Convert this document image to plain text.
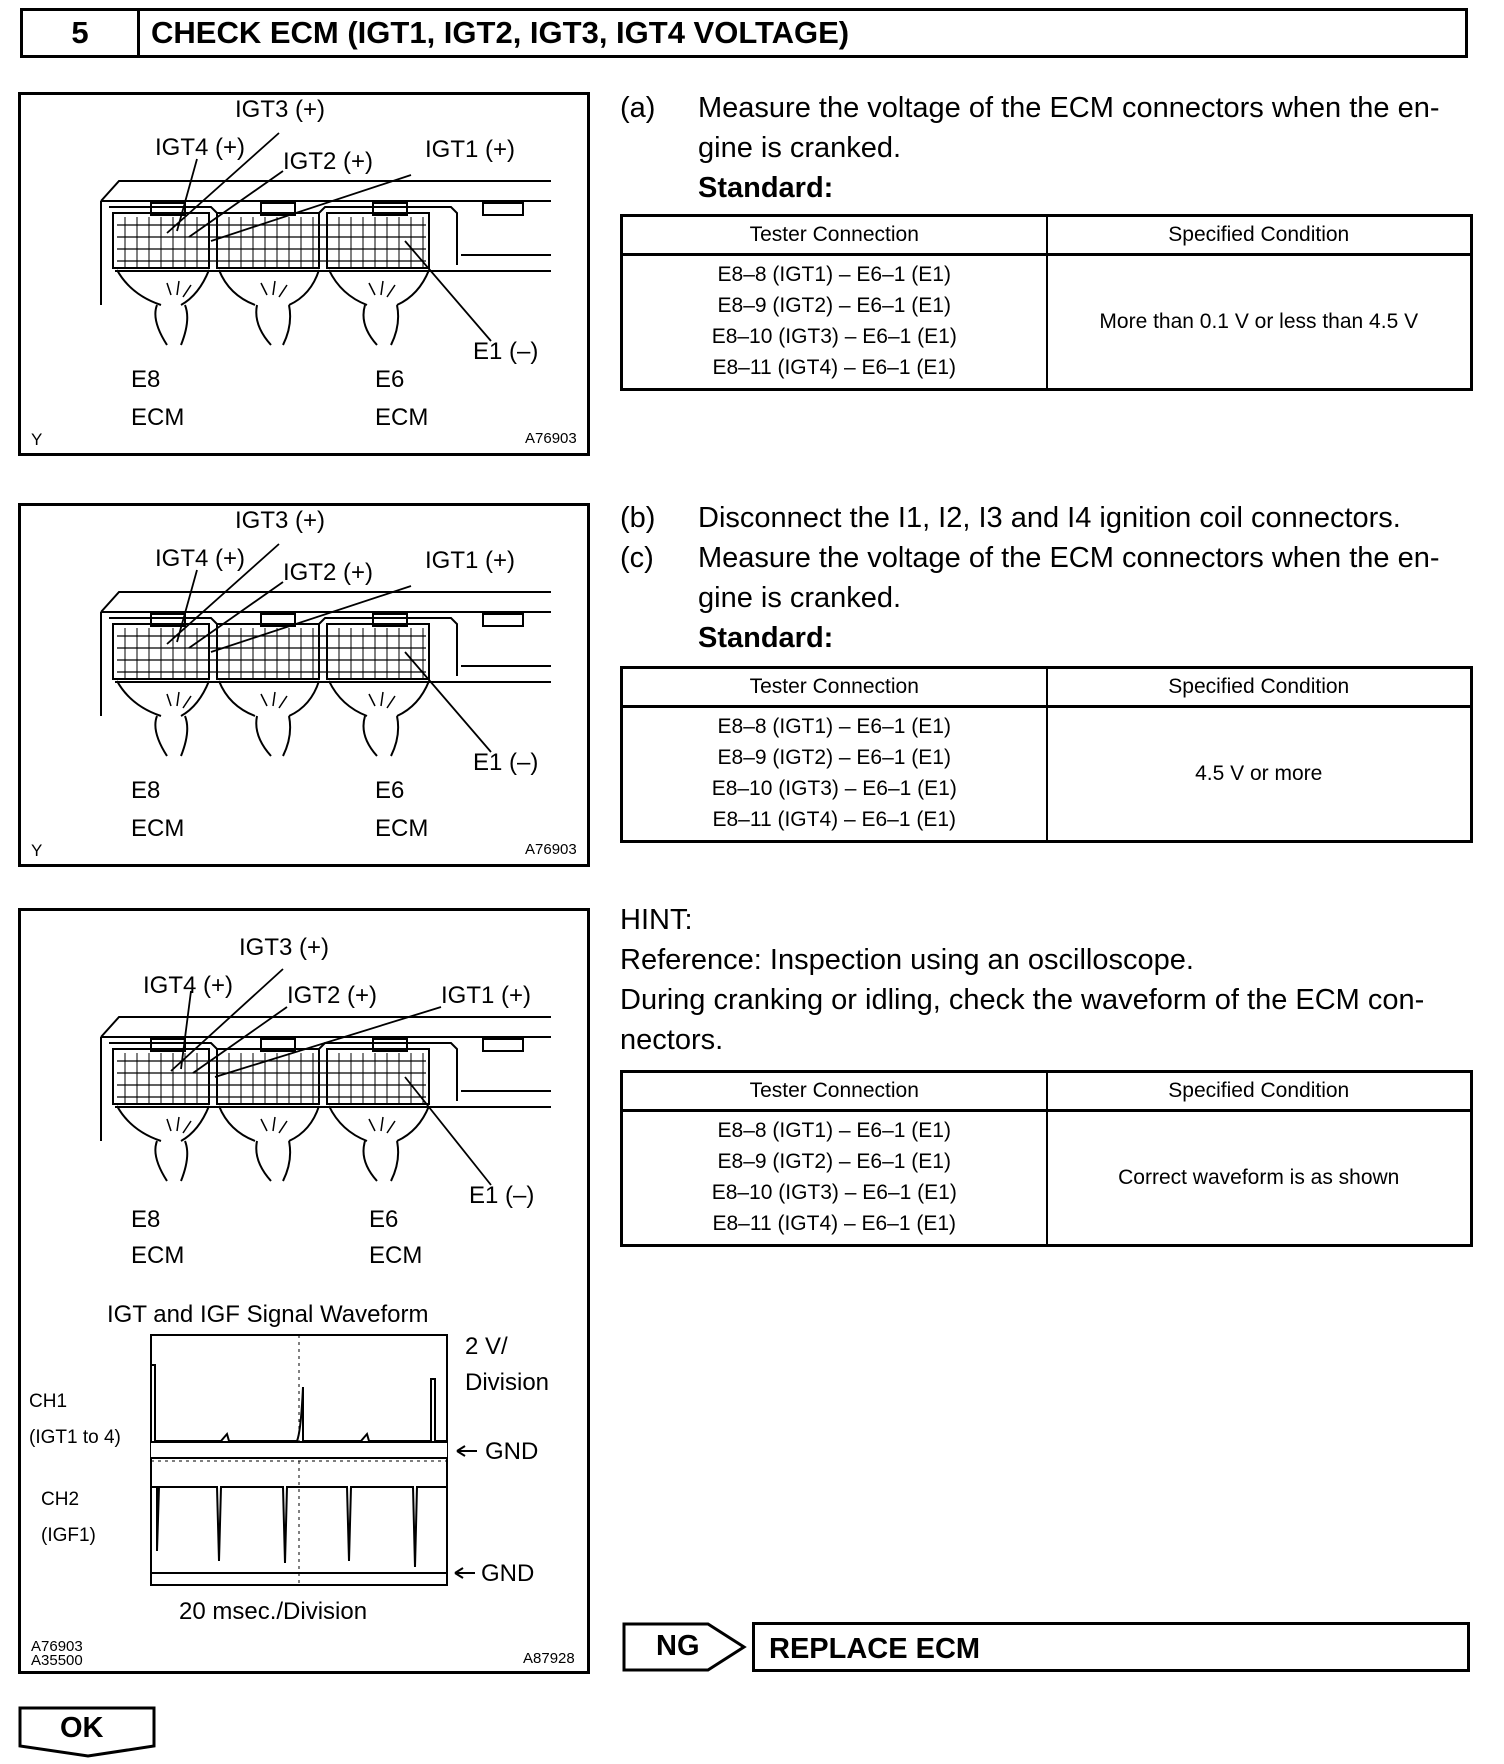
5	CHECK ECM (IGT1, IGT2, IGT3, IGT4 VOLTAGE)
IGT3 (+)
IGT4 (+)
IGT2 (+) IGT1 (+)
E1 (–)
E8	E6
ECM	ECM
Y	A76903
(a) Measure the voltage of the ECM connectors when the en-
gine is cranked.
Standard:
Tester Connection	Specified Condition

E8–8 (IGT1) – E6–1 (E1)
E8–9 (IGT2) – E6–1 (E1)
E8–10 (IGT3) – E6–1 (E1)
E8–11 (IGT4) – E6–1 (E1)	More than 0.1 V or less than 4.5 V
IGT3 (+)
IGT4 (+)
IGT2 (+) IGT1 (+)
E1 (–)
E8	E6
ECM	ECM
Y	A76903
(b) Disconnect the I1, I2, I3 and I4 ignition coil connectors.
(c) Measure the voltage of the ECM connectors when the en-
gine is cranked.
Standard:
Tester Connection	Specified Condition

E8–8 (IGT1) – E6–1 (E1)
E8–9 (IGT2) – E6–1 (E1)
E8–10 (IGT3) – E6–1 (E1)
E8–11 (IGT4) – E6–1 (E1)	4.5 V or more
IGT3 (+)
IGT4 (+) IGT2 (+)	IGT1 (+)
E1 (–)
E8	E6
ECM	ECM
IGT and IGF Signal Waveform
2 V/
Division
GND
GND
20 msec./Division
CH1
(IGT1 to 4)
CH2
(IGF1)
A76903
A35500	A87928
HINT:
Reference: Inspection using an oscilloscope.
During cranking or idling, check the waveform of the ECM con-
nectors.
Tester Connection	Specified Condition

E8–8 (IGT1) – E6–1 (E1)
E8–9 (IGT2) – E6–1 (E1)
E8–10 (IGT3) – E6–1 (E1)
E8–11 (IGT4) – E6–1 (E1)	Correct waveform is as shown
NG REPLACE ECM
OK
